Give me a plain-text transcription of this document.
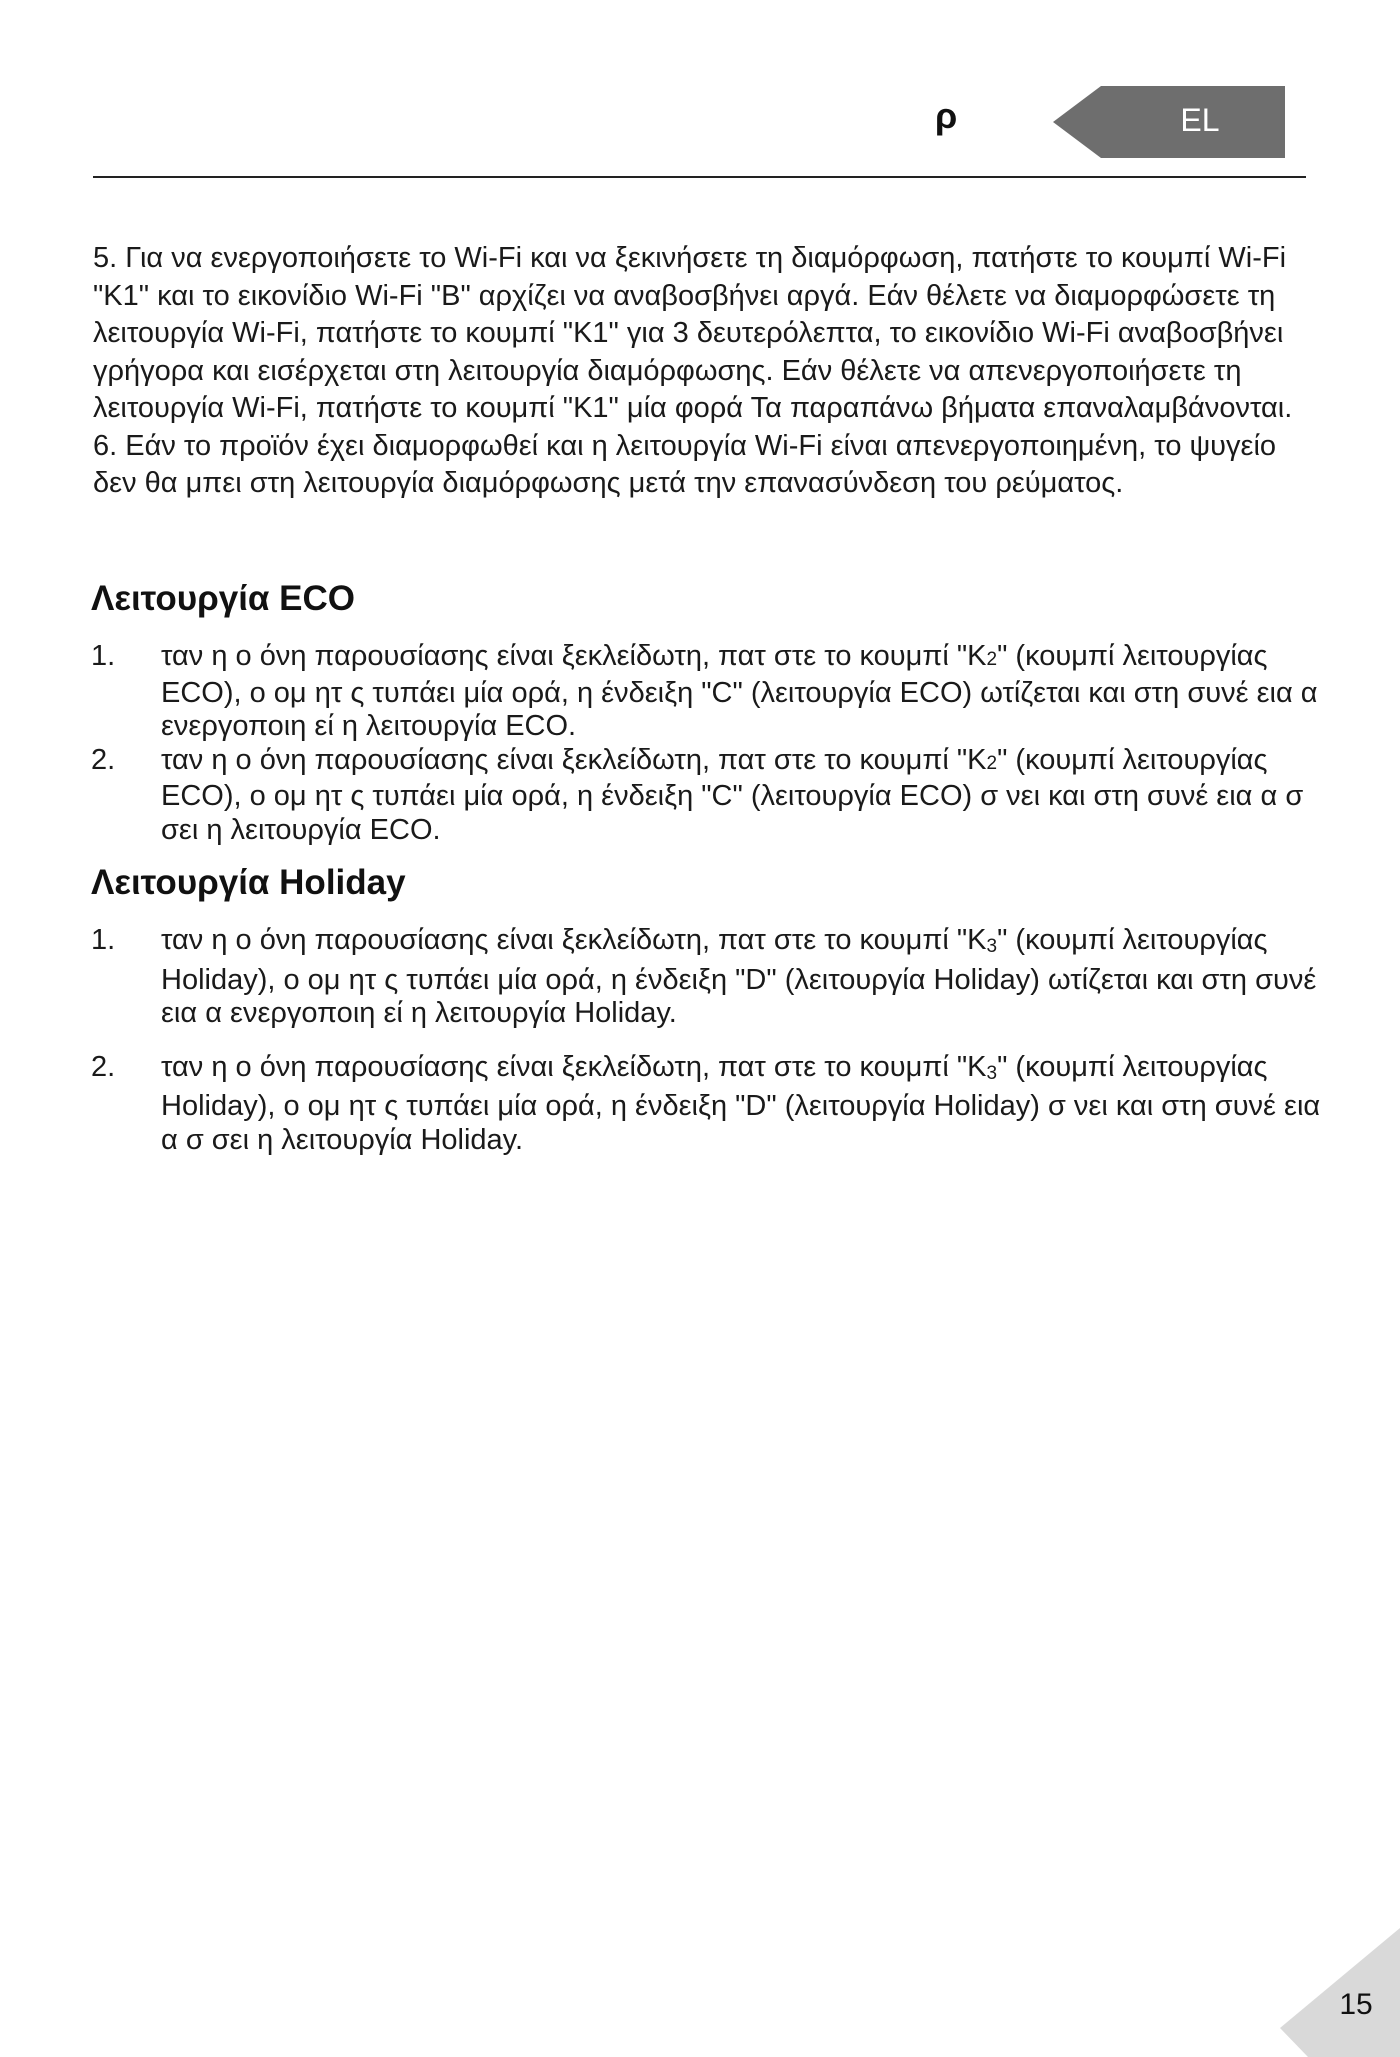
ρ	EL

5. Για να ενεργοποιήσετε το Wi-Fi και να ξεκινήσετε τη διαμόρφωση, πατήστε το κουμπί Wi-Fi "K1" και το εικονίδιο Wi-Fi "B" αρχίζει να αναβοσβήνει αργά. Εάν θέλετε να διαμορφώσετε τη λειτουργία Wi-Fi, πατήστε το κουμπί "K1" για 3 δευτερόλεπτα, το εικονίδιο Wi-Fi αναβοσβήνει γρήγορα και εισέρχεται στη λειτουργία διαμόρφωσης. Εάν θέλετε να απενεργοποιήσετε τη λειτουργία Wi-Fi, πατήστε το κουμπί "K1" μία φορά Τα παραπάνω βήματα επαναλαμβάνονται.

6. Εάν το προϊόν έχει διαμορφωθεί και η λειτουργία Wi-Fi είναι απενεργοποιημένη, το ψυγείο δεν θα μπει στη λειτουργία διαμόρφωσης μετά την επανασύνδεση του ρεύματος.

Λειτουργία ECO
1. ταν η ο όνη παρουσίασης είναι ξεκλείδωτη, πατ στε το κουμπί "K2" (κουμπί λειτουργίας ECO), ο ομ ητ ς τυπάει μία ορά, η ένδειξη "C" (λειτουργία ECO) ωτίζεται και στη συνέ εια α ενεργοποιη εί η λειτουργία ECO.
2. ταν η ο όνη παρουσίασης είναι ξεκλείδωτη, πατ στε το κουμπί "K2" (κουμπί λειτουργίας ECO), ο ομ ητ ς τυπάει μία ορά, η ένδειξη "C" (λειτουργία ECO) σ νει και στη συνέ εια α σ σει η λειτουργία ECO.
Λειτουργία Holiday
1. ταν η ο όνη παρουσίασης είναι ξεκλείδωτη, πατ στε το κουμπί "$K_3$" (κουμπί λειτουργίας Holiday), ο ομ ητ ς τυπάει μία ορά, η ένδειξη "D" (λειτουργία Holiday) ωτίζεται και στη συνέ εια α ενεργοποιη εί η λειτουργία Holiday.
2. ταν η ο όνη παρουσίασης είναι ξεκλείδωτη, πατ στε το κουμπί "$K_3$" (κουμπί λειτουργίας Holiday), ο ομ ητ ς τυπάει μία ορά, η ένδειξη "D" (λειτουργία Holiday) σ νει και στη συνέ εια α σ σει η λειτουργία Holiday.
15
